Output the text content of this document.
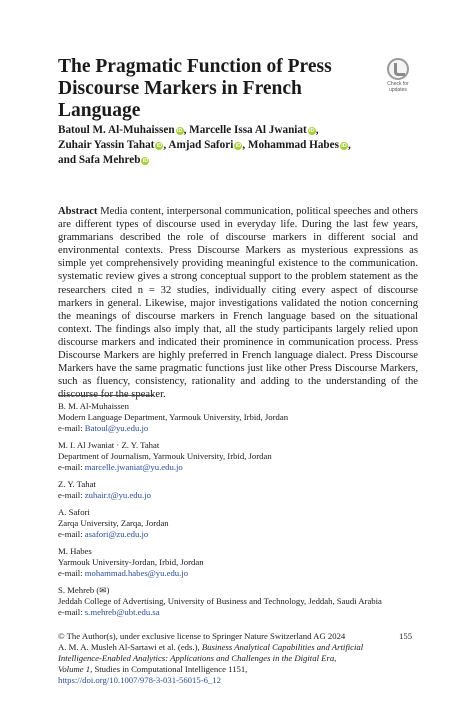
The Pragmatic Function of Press Discourse Markers in French Language
Check for
updates
Batoul M. Al-Muhaissen iD, Marcelle Issa Al Jwaniat iD,
Zuhair Yassin Tahat iD, Amjad Safori iD, Mohammad Habes iD,
and Safa Mehreb iD

Abstract Media content, interpersonal communication, political speeches and others are different types of discourse used in everyday life. During the last few years, grammarians described the role of discourse markers in different social and environmental contexts. Press Discourse Markers as mysterious expressions as simple yet comprehensively providing meaningful existence to the communication. systematic review gives a strong conceptual support to the problem statement as the researchers cited n = 32 studies, individually citing every aspect of discourse markers in general. Likewise, major investigations validated the notion concerning the meanings of discourse markers in French language based on the situational context. The findings also imply that, all the study participants largely relied upon discourse markers and indicated their prominence in communication process. Press Discourse Markers are highly preferred in French language dialect. Press Discourse Markers have the same pragmatic functions just like other Press Discourse Markers, such as fluency, consistency, rationality and adding to the understanding of the discourse for the speaker.

B. M. Al-Muhaissen
Modern Language Department, Yarmouk University, Irbid, Jordan
e-mail: Batoul@yu.edu.jo
M. I. Al Jwaniat · Z. Y. Tahat
Department of Journalism, Yarmouk University, Irbid, Jordan
e-mail: marcelle.jwaniat@yu.edu.jo
Z. Y. Tahat
e-mail: zuhair.t@yu.edu.jo
A. Safori
Zarqa University, Zarqa, Jordan
e-mail: asafori@zu.edu.jo
M. Habes
Yarmouk University-Jordan, Irbid, Jordan
e-mail: mohammad.habes@yu.edu.jo
S. Mehreb (✉)
Jeddah College of Advertising, University of Business and Technology, Jeddah, Saudi Arabia
e-mail: s.mehreb@ubt.edu.sa
© The Author(s), under exclusive license to Springer Nature Switzerland AG 2024
A. M. A. Musleh Al-Sartawi et al. (eds.), Business Analytical Capabilities and Artificial
Intelligence-Enabled Analytics: Applications and Challenges in the Digital Era,
Volume 1, Studies in Computational Intelligence 1151,
https://doi.org/10.1007/978-3-031-56015-6_12
155
